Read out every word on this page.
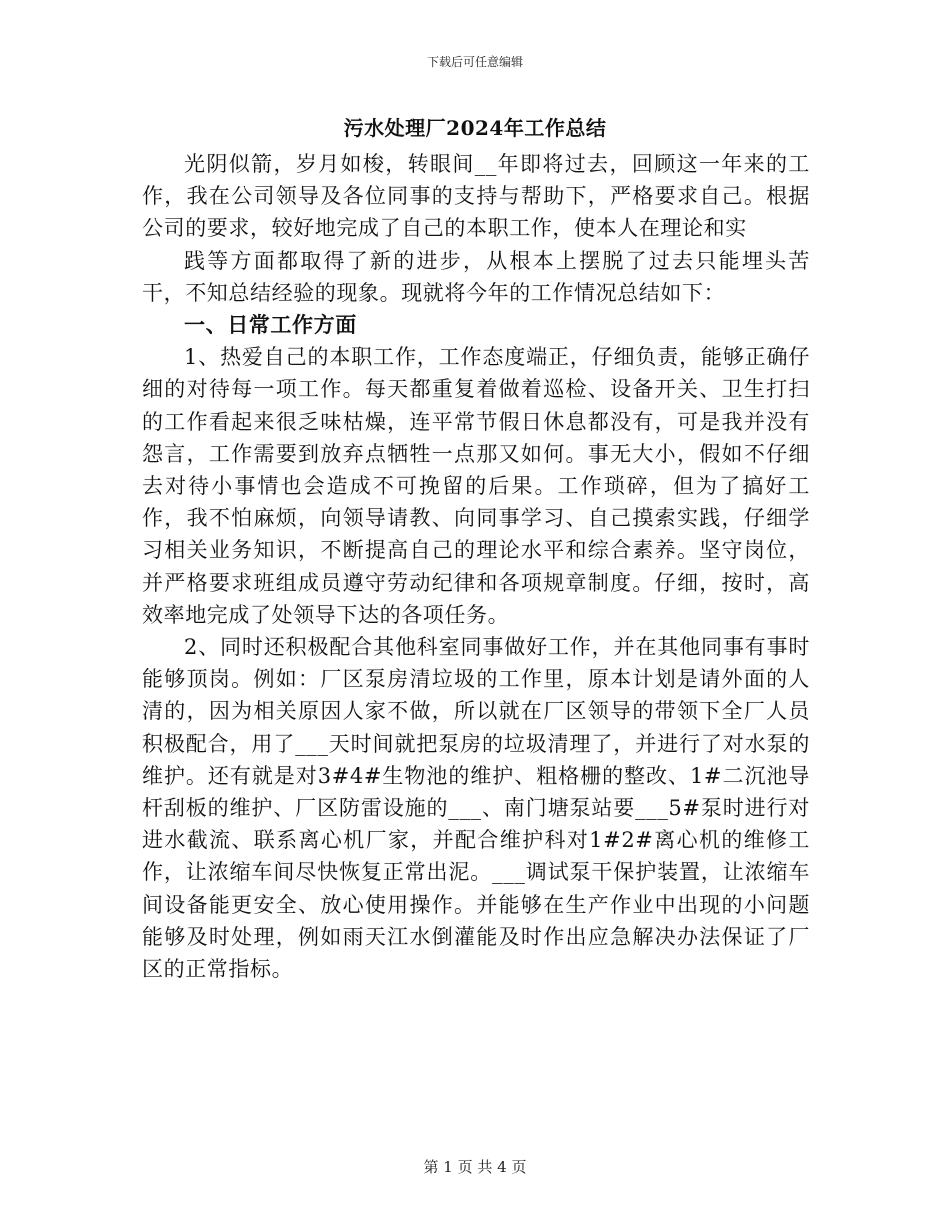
下载后可任意编辑
污水处理厂2024年工作总结

光阴似箭，岁月如梭，转眼间__年即将过去，回顾这一年来的工作，我在公司领导及各位同事的支持与帮助下，严格要求自己。根据公司的要求，较好地完成了自己的本职工作，使本人在理论和实

践等方面都取得了新的进步，从根本上摆脱了过去只能埋头苦干，不知总结经验的现象。现就将今年的工作情况总结如下：

一、日常工作方面

1、热爱自己的本职工作，工作态度端正，仔细负责，能够正确仔细的对待每一项工作。每天都重复着做着巡检、设备开关、卫生打扫的工作看起来很乏味枯燥，连平常节假日休息都没有，可是我并没有怨言，工作需要到放弃点牺牲一点那又如何。事无大小，假如不仔细去对待小事情也会造成不可挽留的后果。工作琐碎，但为了搞好工作，我不怕麻烦，向领导请教、向同事学习、自己摸索实践，仔细学习相关业务知识，不断提高自己的理论水平和综合素养。坚守岗位，并严格要求班组成员遵守劳动纪律和各项规章制度。仔细，按时，高效率地完成了处领导下达的各项任务。

2、同时还积极配合其他科室同事做好工作，并在其他同事有事时能够顶岗。例如：厂区泵房清垃圾的工作里，原本计划是请外面的人清的，因为相关原因人家不做，所以就在厂区领导的带领下全厂人员积极配合，用了___天时间就把泵房的垃圾清理了，并进行了对水泵的维护。还有就是对3#4#生物池的维护、粗格栅的整改、1#二沉池导杆刮板的维护、厂区防雷设施的___、南门塘泵站要___5#泵时进行对进水截流、联系离心机厂家，并配合维护科对1#2#离心机的维修工作，让浓缩车间尽快恢复正常出泥。___调试泵干保护装置，让浓缩车间设备能更安全、放心使用操作。并能够在生产作业中出现的小问题能够及时处理，例如雨天江水倒灌能及时作出应急解决办法保证了厂区的正常指标。

第 1 页 共 4 页
